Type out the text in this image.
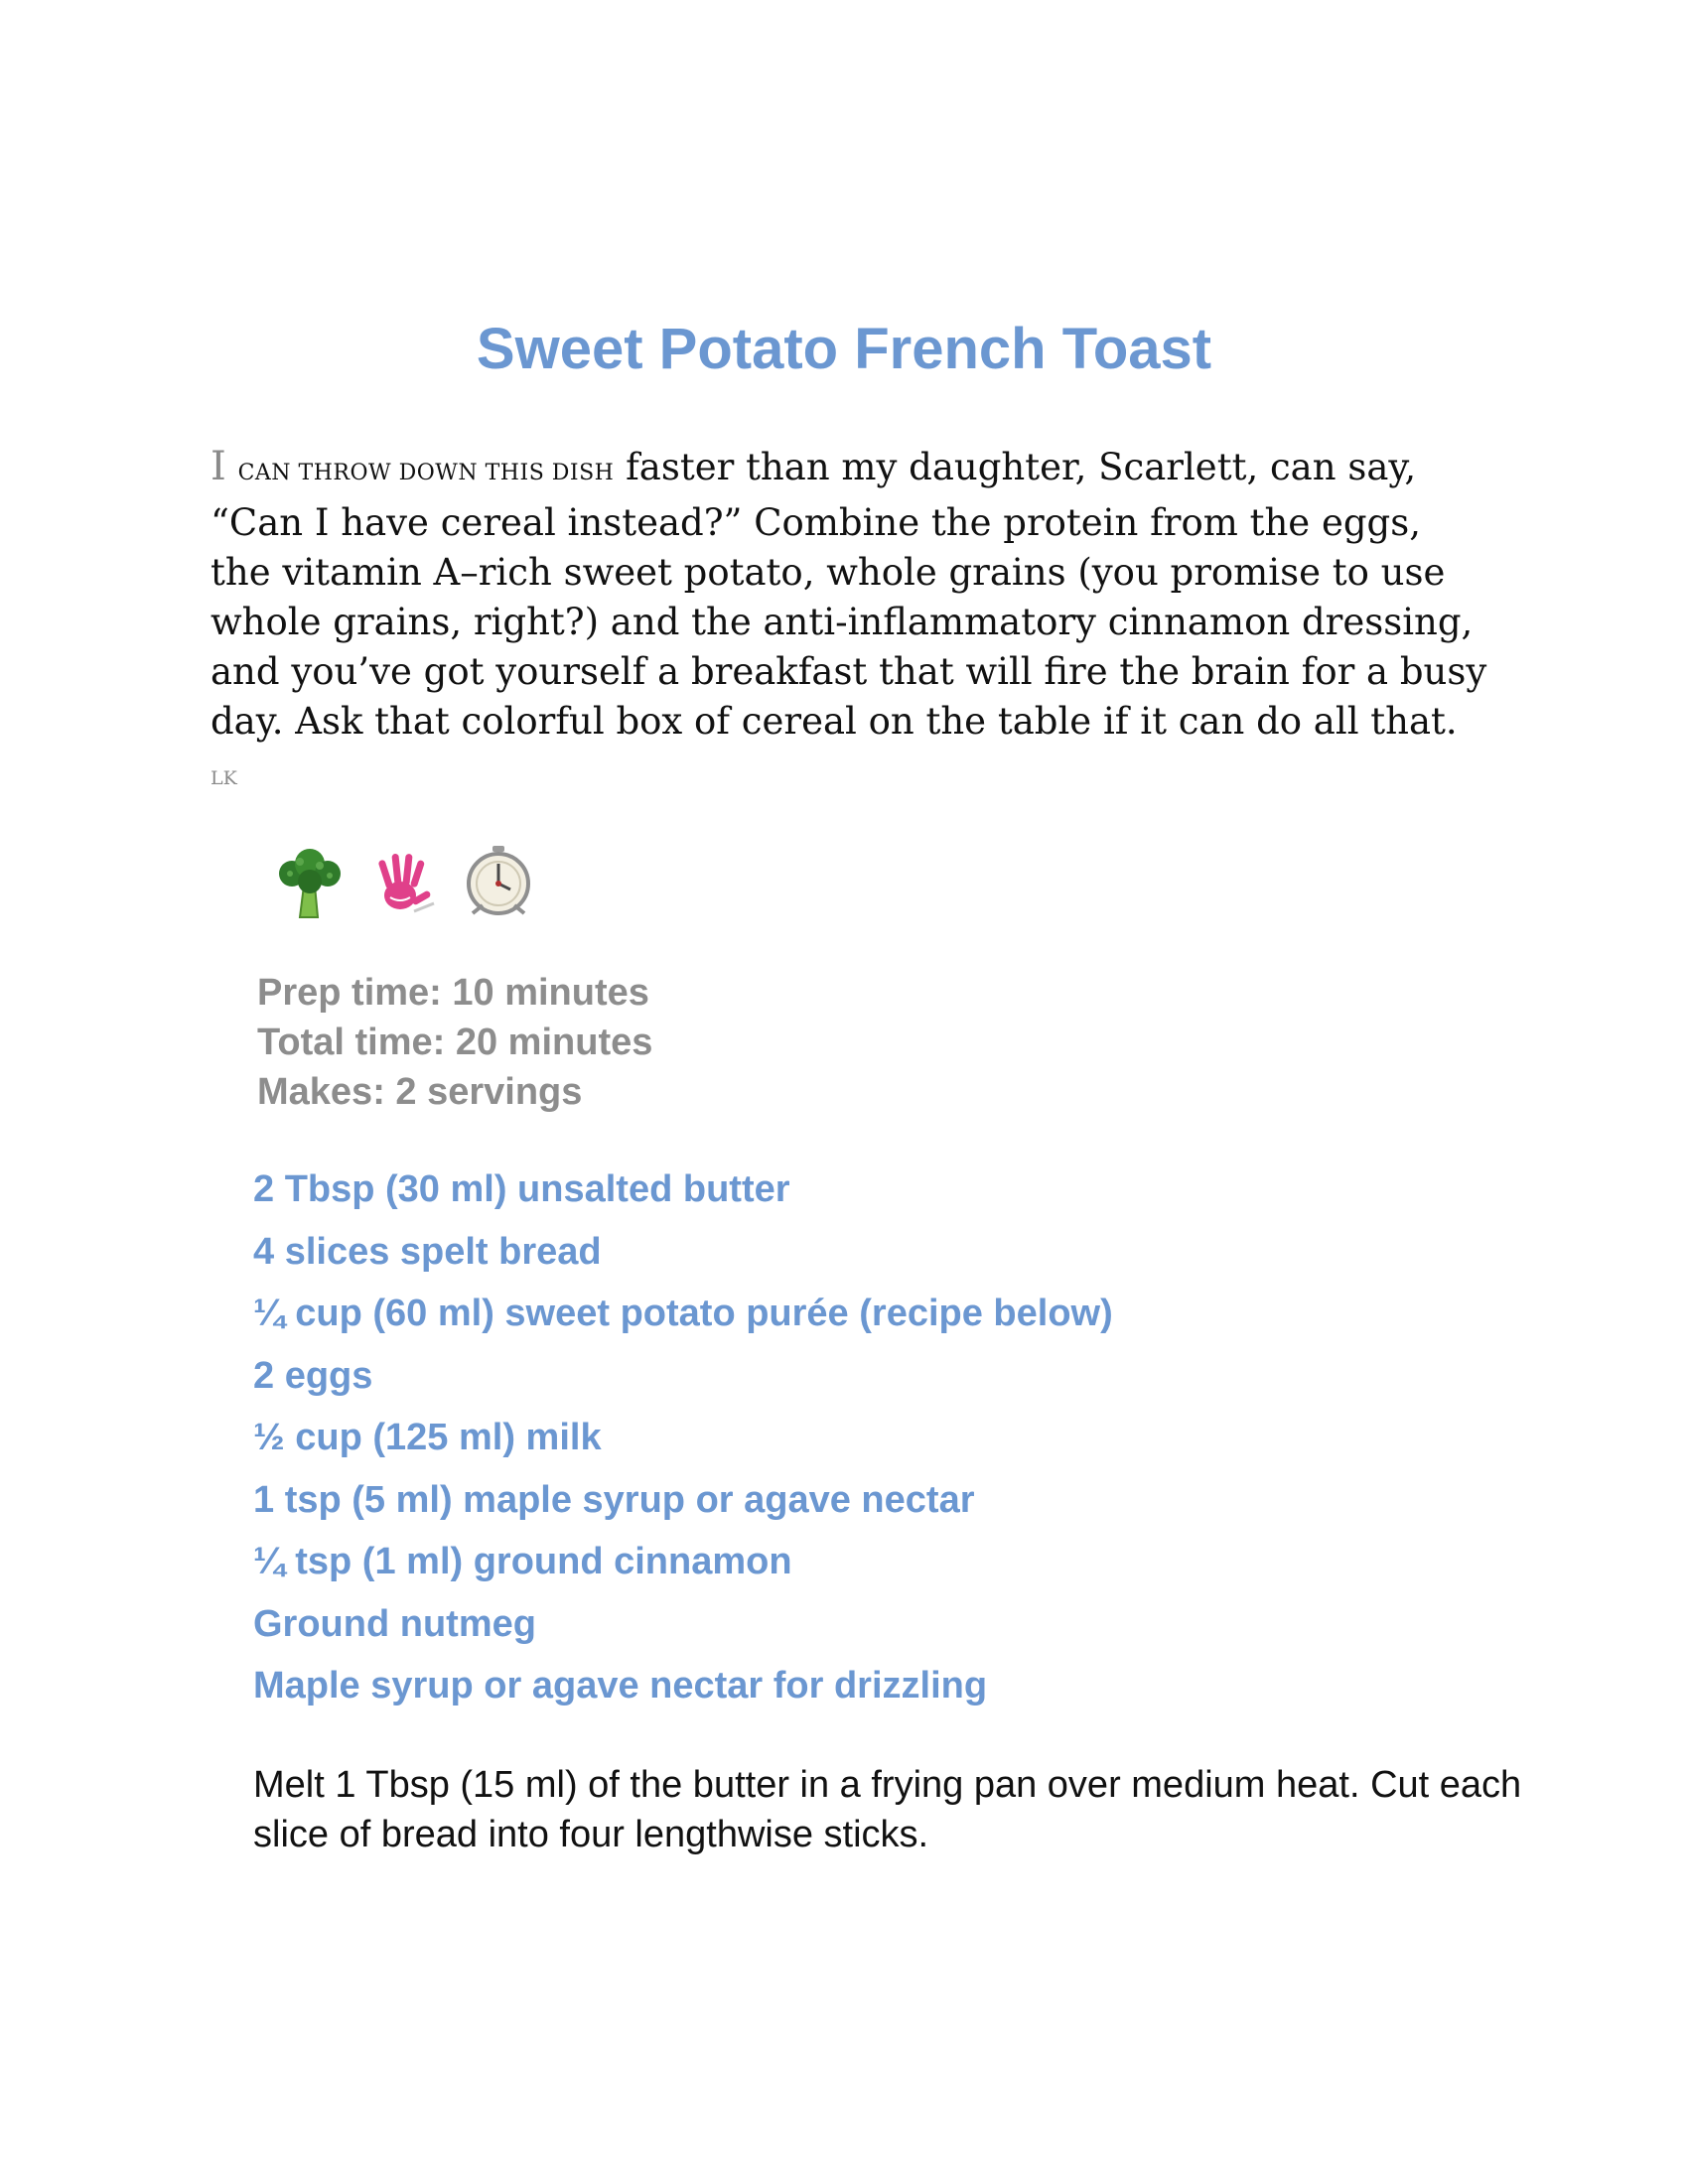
Sweet Potato French Toast

I CAN THROW DOWN THIS DISH faster than my daughter, Scarlett, can say, “Can I have cereal instead?” Combine the protein from the eggs, the vitamin A–rich sweet potato, whole grains (you promise to use whole grains, right?) and the anti-inflammatory cinnamon dressing, and you’ve got yourself a breakfast that will fire the brain for a busy day. Ask that colorful box of cereal on the table if it can do all that.

LK

Prep time: 10 minutes
Total time: 20 minutes
Makes: 2 servings
2 Tbsp (30 ml) unsalted butter
4 slices spelt bread
¼ cup (60 ml) sweet potato purée (recipe below)
2 eggs
½ cup (125 ml) milk
1 tsp (5 ml) maple syrup or agave nectar
¼ tsp (1 ml) ground cinnamon
Ground nutmeg
Maple syrup or agave nectar for drizzling

Melt 1 Tbsp (15 ml) of the butter in a frying pan over medium heat. Cut each slice of bread into four lengthwise sticks.
